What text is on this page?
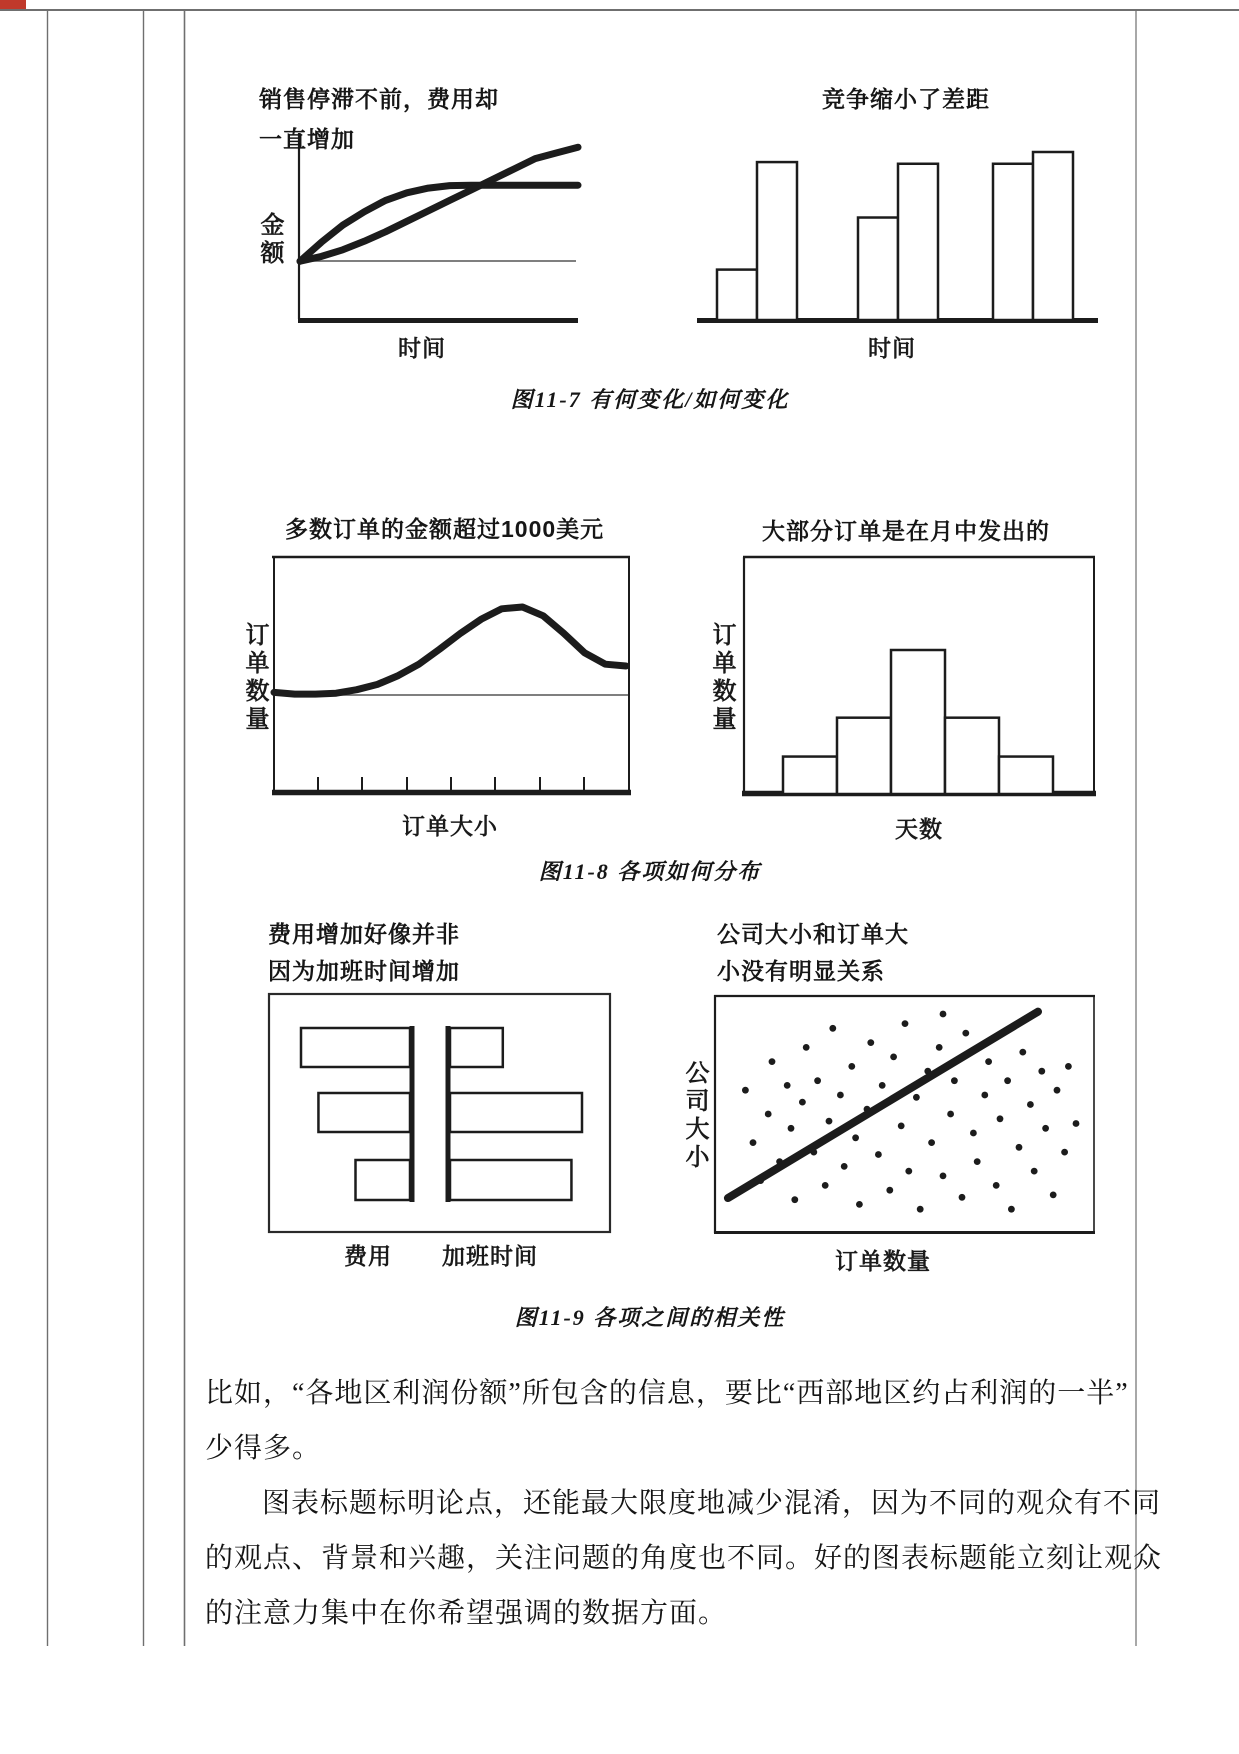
销售停滞不前，费用却
一直增加
金额
时间
竞争缩小了差距
时间
图11-7 有何变化/如何变化
多数订单的金额超过1000美元
订单数量
订单大小
大部分订单是在月中发出的
订单数量
天数
图11-8 各项如何分布
费用增加好像并非
因为加班时间增加
费用 加班时间
公司大小和订单大
小没有明显关系
公司大小
订单数量
图11-9 各项之间的相关性
比如，“各地区利润份额”所包含的信息，要比“西部地区约占利润的一半”
少得多。
图表标题标明论点，还能最大限度地减少混淆，因为不同的观众有不同
的观点、背景和兴趣，关注问题的角度也不同。好的图表标题能立刻让观众
的注意力集中在你希望强调的数据方面。
